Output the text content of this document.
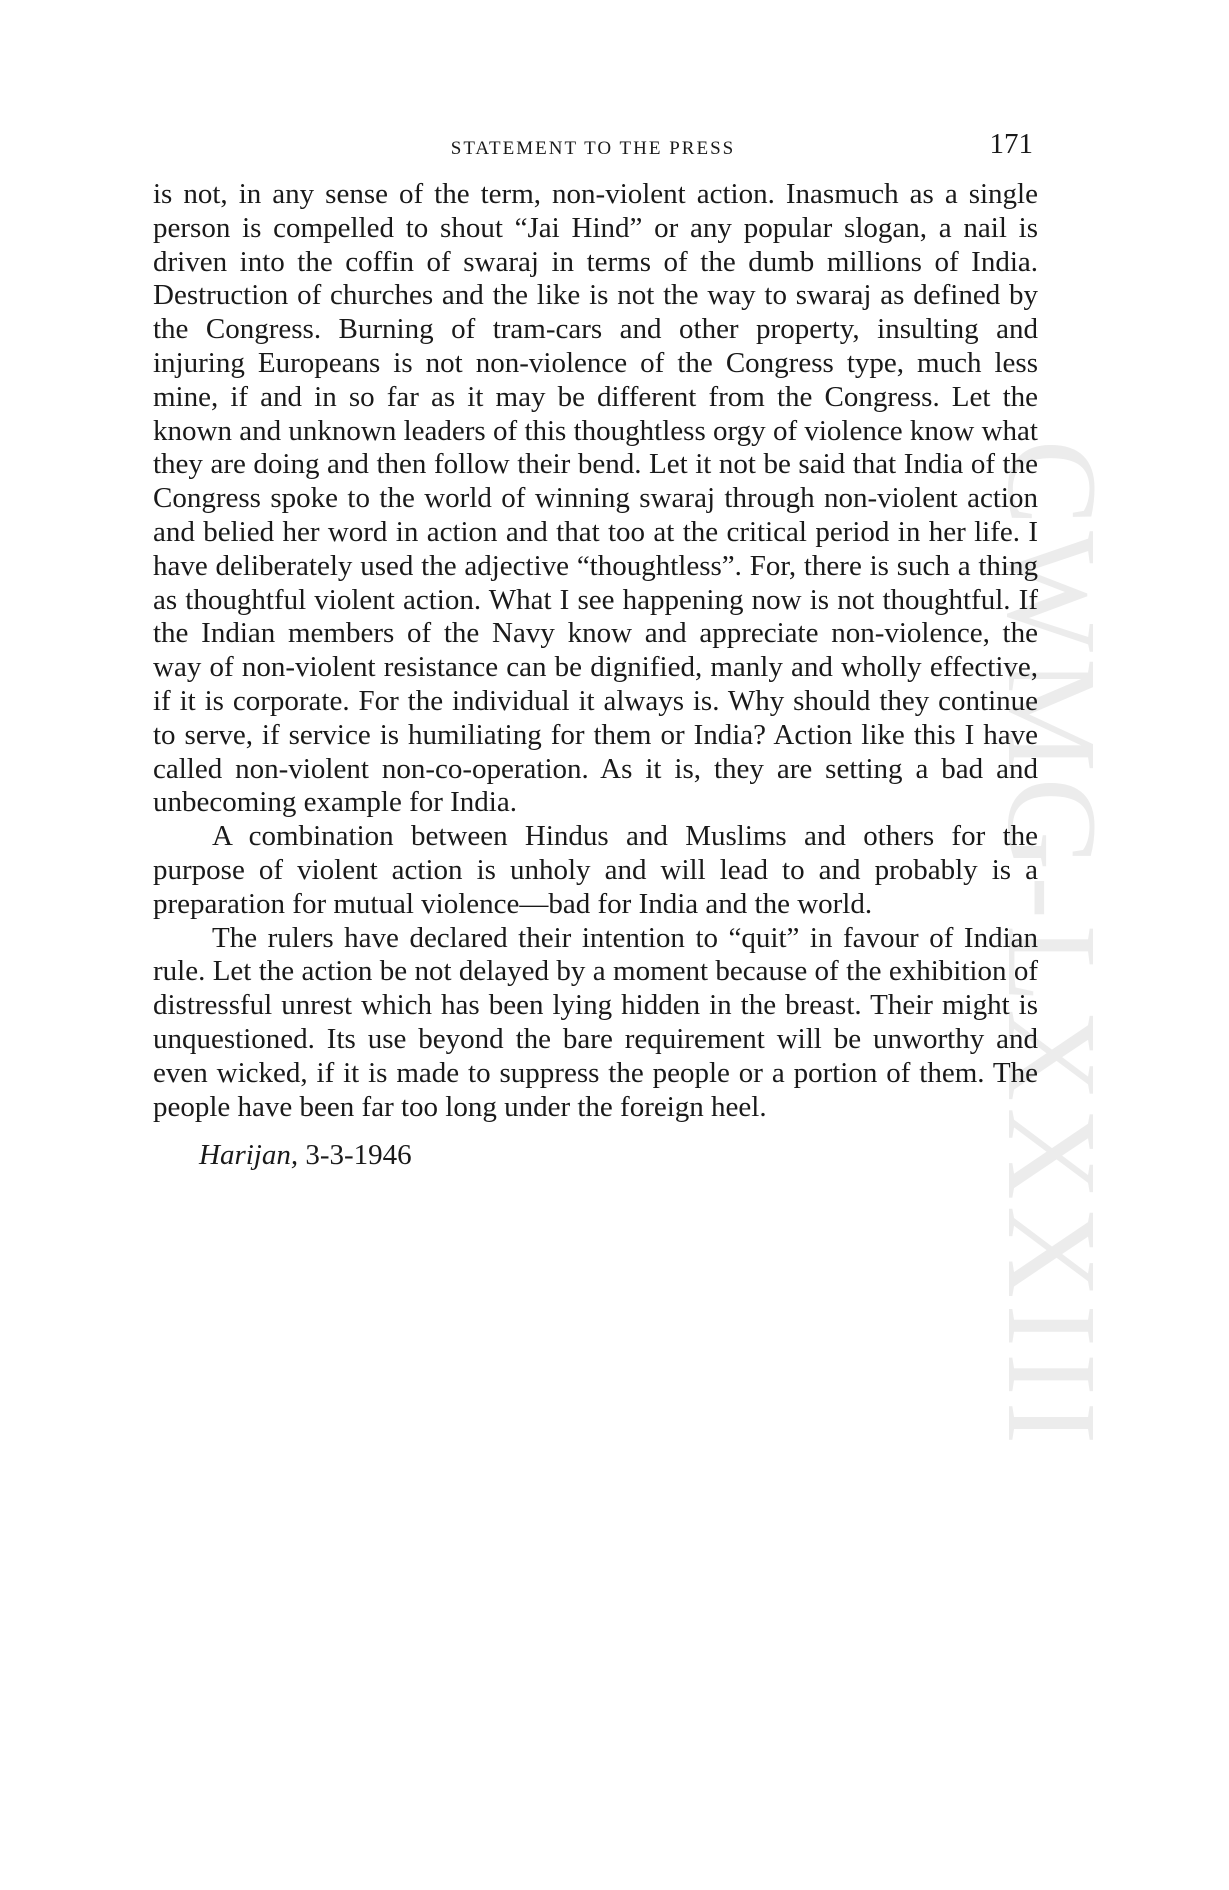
CWMG-LXXXIII
STATEMENT TO THE PRESS	171

is not, in any sense of the term, non-violent action. Inasmuch as a single person is compelled to shout “Jai Hind” or any popular slogan, a nail is driven into the coffin of swaraj in terms of the dumb millions of India. Destruction of churches and the like is not the way to swaraj as defined by the Congress. Burning of tram-cars and other property, insulting and injuring Europeans is not non-violence of the Congress type, much less mine, if and in so far as it may be different from the Congress. Let the known and unknown leaders of this thoughtless orgy of violence know what they are doing and then follow their bend. Let it not be said that India of the Congress spoke to the world of winning swaraj through non-violent action and belied her word in action and that too at the critical period in her life. I have deliberately used the adjective “thoughtless”. For, there is such a thing as thoughtful violent action. What I see happening now is not thoughtful. If the Indian members of the Navy know and appreciate non-violence, the way of non-violent resistance can be dignified, manly and wholly effective, if it is corporate. For the individual it always is. Why should they continue to serve, if service is humiliating for them or India? Action like this I have called non-violent non-co-operation. As it is, they are setting a bad and unbecoming example for India.

A combination between Hindus and Muslims and others for the purpose of violent action is unholy and will lead to and probably is a preparation for mutual violence—bad for India and the world.

The rulers have declared their intention to “quit” in favour of Indian rule. Let the action be not delayed by a moment because of the exhibition of distressful unrest which has been lying hidden in the breast. Their might is unquestioned. Its use beyond the bare requirement will be unworthy and even wicked, if it is made to suppress the people or a portion of them. The people have been far too long under the foreign heel.

Harijan, 3-3-1946
